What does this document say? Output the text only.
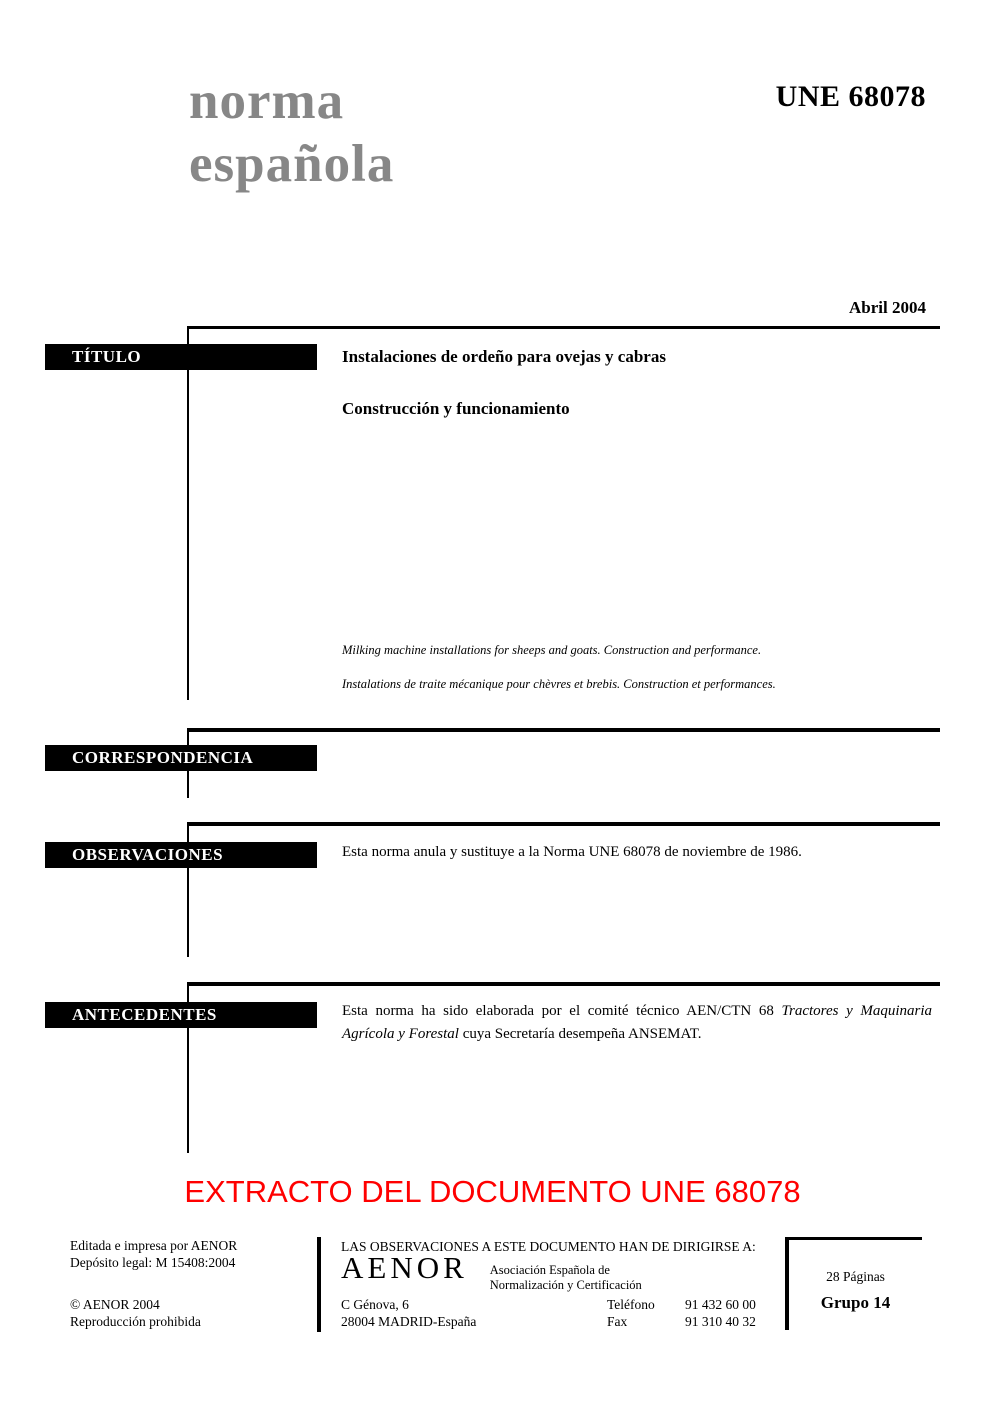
norma
española
UNE 68078
Abril 2004
TÍTULO	Instalaciones de ordeño para ovejas y cabras
Construcción y funcionamiento
Milking machine installations for sheeps and goats. Construction and performance.
Instalations de traite mécanique pour chèvres et brebis. Construction et performances.
CORRESPONDENCIA
OBSERVACIONES	Esta norma anula y sustituye a la Norma UNE 68078 de noviembre de 1986.
ANTECEDENTES	Esta norma ha sido elaborada por el comité técnico AEN/CTN 68 Tractores y Maquinaria Agrícola y Forestal cuya Secretaría desempeña ANSEMAT.
EXTRACTO DEL DOCUMENTO UNE 68078
Editada e impresa por AENOR
Depósito legal: M 15408:2004
© AENOR 2004
Reproducción prohibida
LAS OBSERVACIONES A ESTE DOCUMENTO HAN DE DIRIGIRSE A:
AENOR Asociación Española de
Normalización y Certificación
C Génova, 6
28004 MADRID-España
Teléfono 91 432 60 00
Fax	91 310 40 32
28 Páginas
Grupo 14
